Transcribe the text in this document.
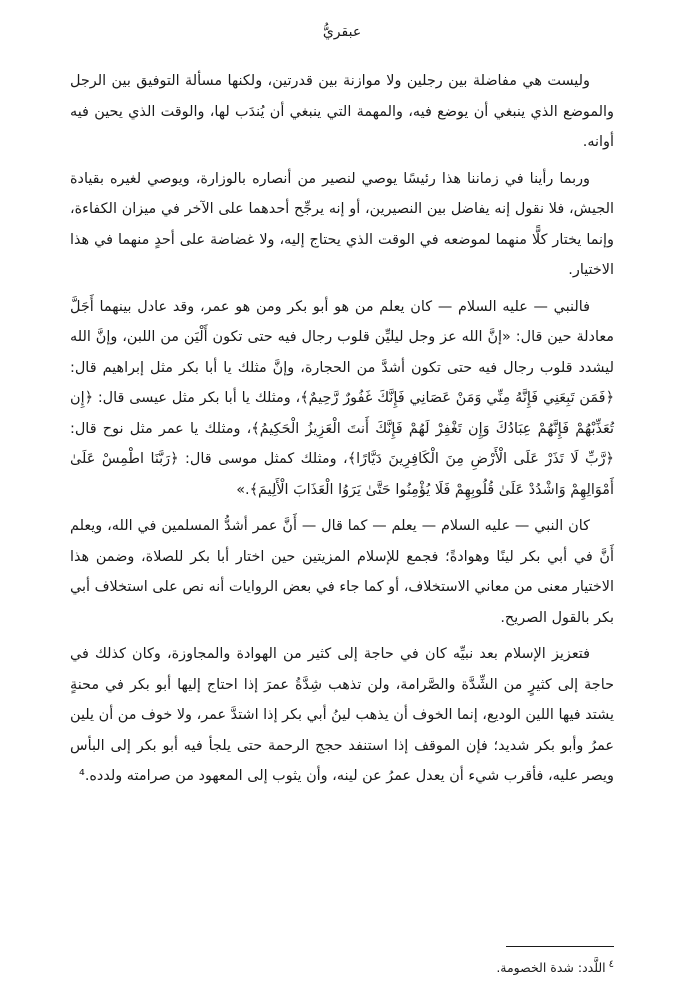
عبقريُّ

وليست هي مفاضلة بين رجلين ولا موازنة بين قدرتين، ولكنها مسألة التوفيق بين الرجل والموضع الذي ينبغي أن يوضع فيه، والمهمة التي ينبغي أن يُندَب لها، والوقت الذي يحين فيه أوانه.

وربما رأينا في زماننا هذا رئيسًا يوصي لنصير من أنصاره بالوزارة، ويوصي لغيره بقيادة الجيش، فلا نقول إنه يفاضل بين النصيرين، أو إنه يرجِّح أحدهما على الآخر في ميزان الكفاءة، وإنما يختار كلًّا منهما لموضعه في الوقت الذي يحتاج إليه، ولا غضاضة على أحدٍ منهما في هذا الاختيار.

فالنبي — عليه السلام — كان يعلم من هو أبو بكر ومن هو عمر، وقد عادل بينهما أَجَلَّ معادلة حين قال: «إنَّ الله عز وجل ليليِّن قلوب رجال فيه حتى تكون أَلْيَن من اللبن، وإنَّ الله ليشدد قلوب رجال فيه حتى تكون أشدَّ من الحجارة، وإنَّ مثلك يا أبا بكر مثل إبراهيم قال: ﴿فَمَن تَبِعَنِي فَإِنَّهُ مِنِّي وَمَنْ عَصَانِي فَإِنَّكَ غَفُورٌ رَّحِيمٌ﴾، ومثلك يا أبا بكر مثل عيسى قال: ﴿إِن تُعَذِّبْهُمْ فَإِنَّهُمْ عِبَادُكَ وَإِن تَغْفِرْ لَهُمْ فَإِنَّكَ أَنتَ الْعَزِيزُ الْحَكِيمُ﴾، ومثلك يا عمر مثل نوح قال: ﴿رَّبِّ لَا تَذَرْ عَلَى الْأَرْضِ مِنَ الْكَافِرِينَ دَيَّارًا﴾، ومثلك كمثل موسى قال: ﴿رَبَّنَا اطْمِسْ عَلَىٰ أَمْوَالِهِمْ وَاشْدُدْ عَلَىٰ قُلُوبِهِمْ فَلَا يُؤْمِنُوا حَتَّىٰ يَرَوُا الْعَذَابَ الْأَلِيمَ﴾.»

كان النبي — عليه السلام — يعلم — كما قال — أَنَّ عمر أشدُّ المسلمين في الله، ويعلم أَنَّ في أبي بكر لينًا وهوادةً؛ فجمع للإسلام المزيتين حين اختار أبا بكر للصلاة، وضمن هذا الاختيار معنى من معاني الاستخلاف، أو كما جاء في بعض الروايات أنه نص على استخلاف أبي بكر بالقول الصريح.

فتعزيز الإسلام بعد نبيِّه كان في حاجة إلى كثير من الهوادة والمجاوزة، وكان كذلك في حاجة إلى كثيرٍ من الشِّدَّة والصَّرامة، ولن تذهب شِدَّةُ عمرَ إذا احتاج إليها أبو بكر في محنةٍ يشتد فيها اللين الوديع، إنما الخوف أن يذهب لينُ أبي بكر إذا اشتدَّ عمر، ولا خوف من أن يلين عمرُ وأبو بكر شديد؛ فإن الموقف إذا استنفد حجج الرحمة حتى يلجأ فيه أبو بكر إلى البأس ويصر عليه، فأقرب شيء أن يعدل عمرُ عن لينه، وأن يثوب إلى المعهود من صرامته ولدده.⁴

$^٤$اللَّدد: شدة الخصومة.
